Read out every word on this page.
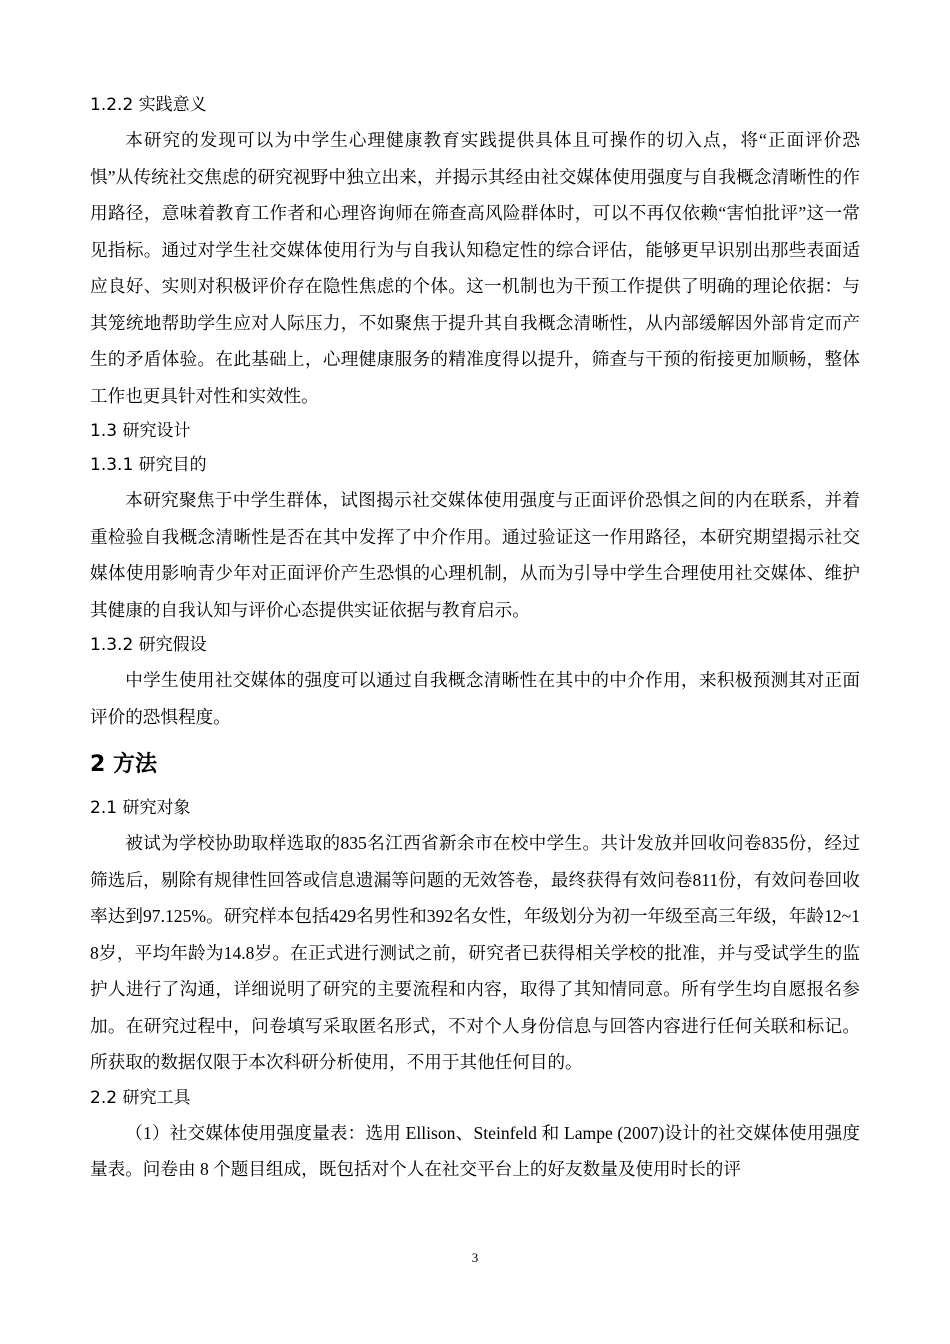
1.2.2 实践意义

本研究的发现可以为中学生心理健康教育实践提供具体且可操作的切入点，将“正面评价恐惧”从传统社交焦虑的研究视野中独立出来，并揭示其经由社交媒体使用强度与自我概念清晰性的作用路径，意味着教育工作者和心理咨询师在筛查高风险群体时，可以不再仅依赖“害怕批评”这一常见指标。通过对学生社交媒体使用行为与自我认知稳定性的综合评估，能够更早识别出那些表面适应良好、实则对积极评价存在隐性焦虑的个体。这一机制也为干预工作提供了明确的理论依据：与其笼统地帮助学生应对人际压力，不如聚焦于提升其自我概念清晰性，从内部缓解因外部肯定而产生的矛盾体验。在此基础上，心理健康服务的精准度得以提升，筛查与干预的衔接更加顺畅，整体工作也更具针对性和实效性。

1.3 研究设计
1.3.1 研究目的

本研究聚焦于中学生群体，试图揭示社交媒体使用强度与正面评价恐惧之间的内在联系，并着重检验自我概念清晰性是否在其中发挥了中介作用。通过验证这一作用路径，本研究期望揭示社交媒体使用影响青少年对正面评价产生恐惧的心理机制，从而为引导中学生合理使用社交媒体、维护其健康的自我认知与评价心态提供实证依据与教育启示。

1.3.2 研究假设

中学生使用社交媒体的强度可以通过自我概念清晰性在其中的中介作用，来积极预测其对正面评价的恐惧程度。

2 方法
2.1 研究对象

被试为学校协助取样选取的835名江西省新余市在校中学生。共计发放并回收问卷835份，经过筛选后，剔除有规律性回答或信息遗漏等问题的无效答卷，最终获得有效问卷811份，有效问卷回收率达到97.125%。研究样本包括429名男性和392名女性，年级划分为初一年级至高三年级，年龄12~18岁，平均年龄为14.8岁。在正式进行测试之前，研究者已获得相关学校的批准，并与受试学生的监护人进行了沟通，详细说明了研究的主要流程和内容，取得了其知情同意。所有学生均自愿报名参加。在研究过程中，问卷填写采取匿名形式，不对个人身份信息与回答内容进行任何关联和标记。所获取的数据仅限于本次科研分析使用，不用于其他任何目的。

2.2 研究工具

（1）社交媒体使用强度量表：选用 Ellison、Steinfeld 和 Lampe (2007)设计的社交媒体使用强度量表。问卷由 8 个题目组成，既包括对个人在社交平台上的好友数量及使用时长的评

3
